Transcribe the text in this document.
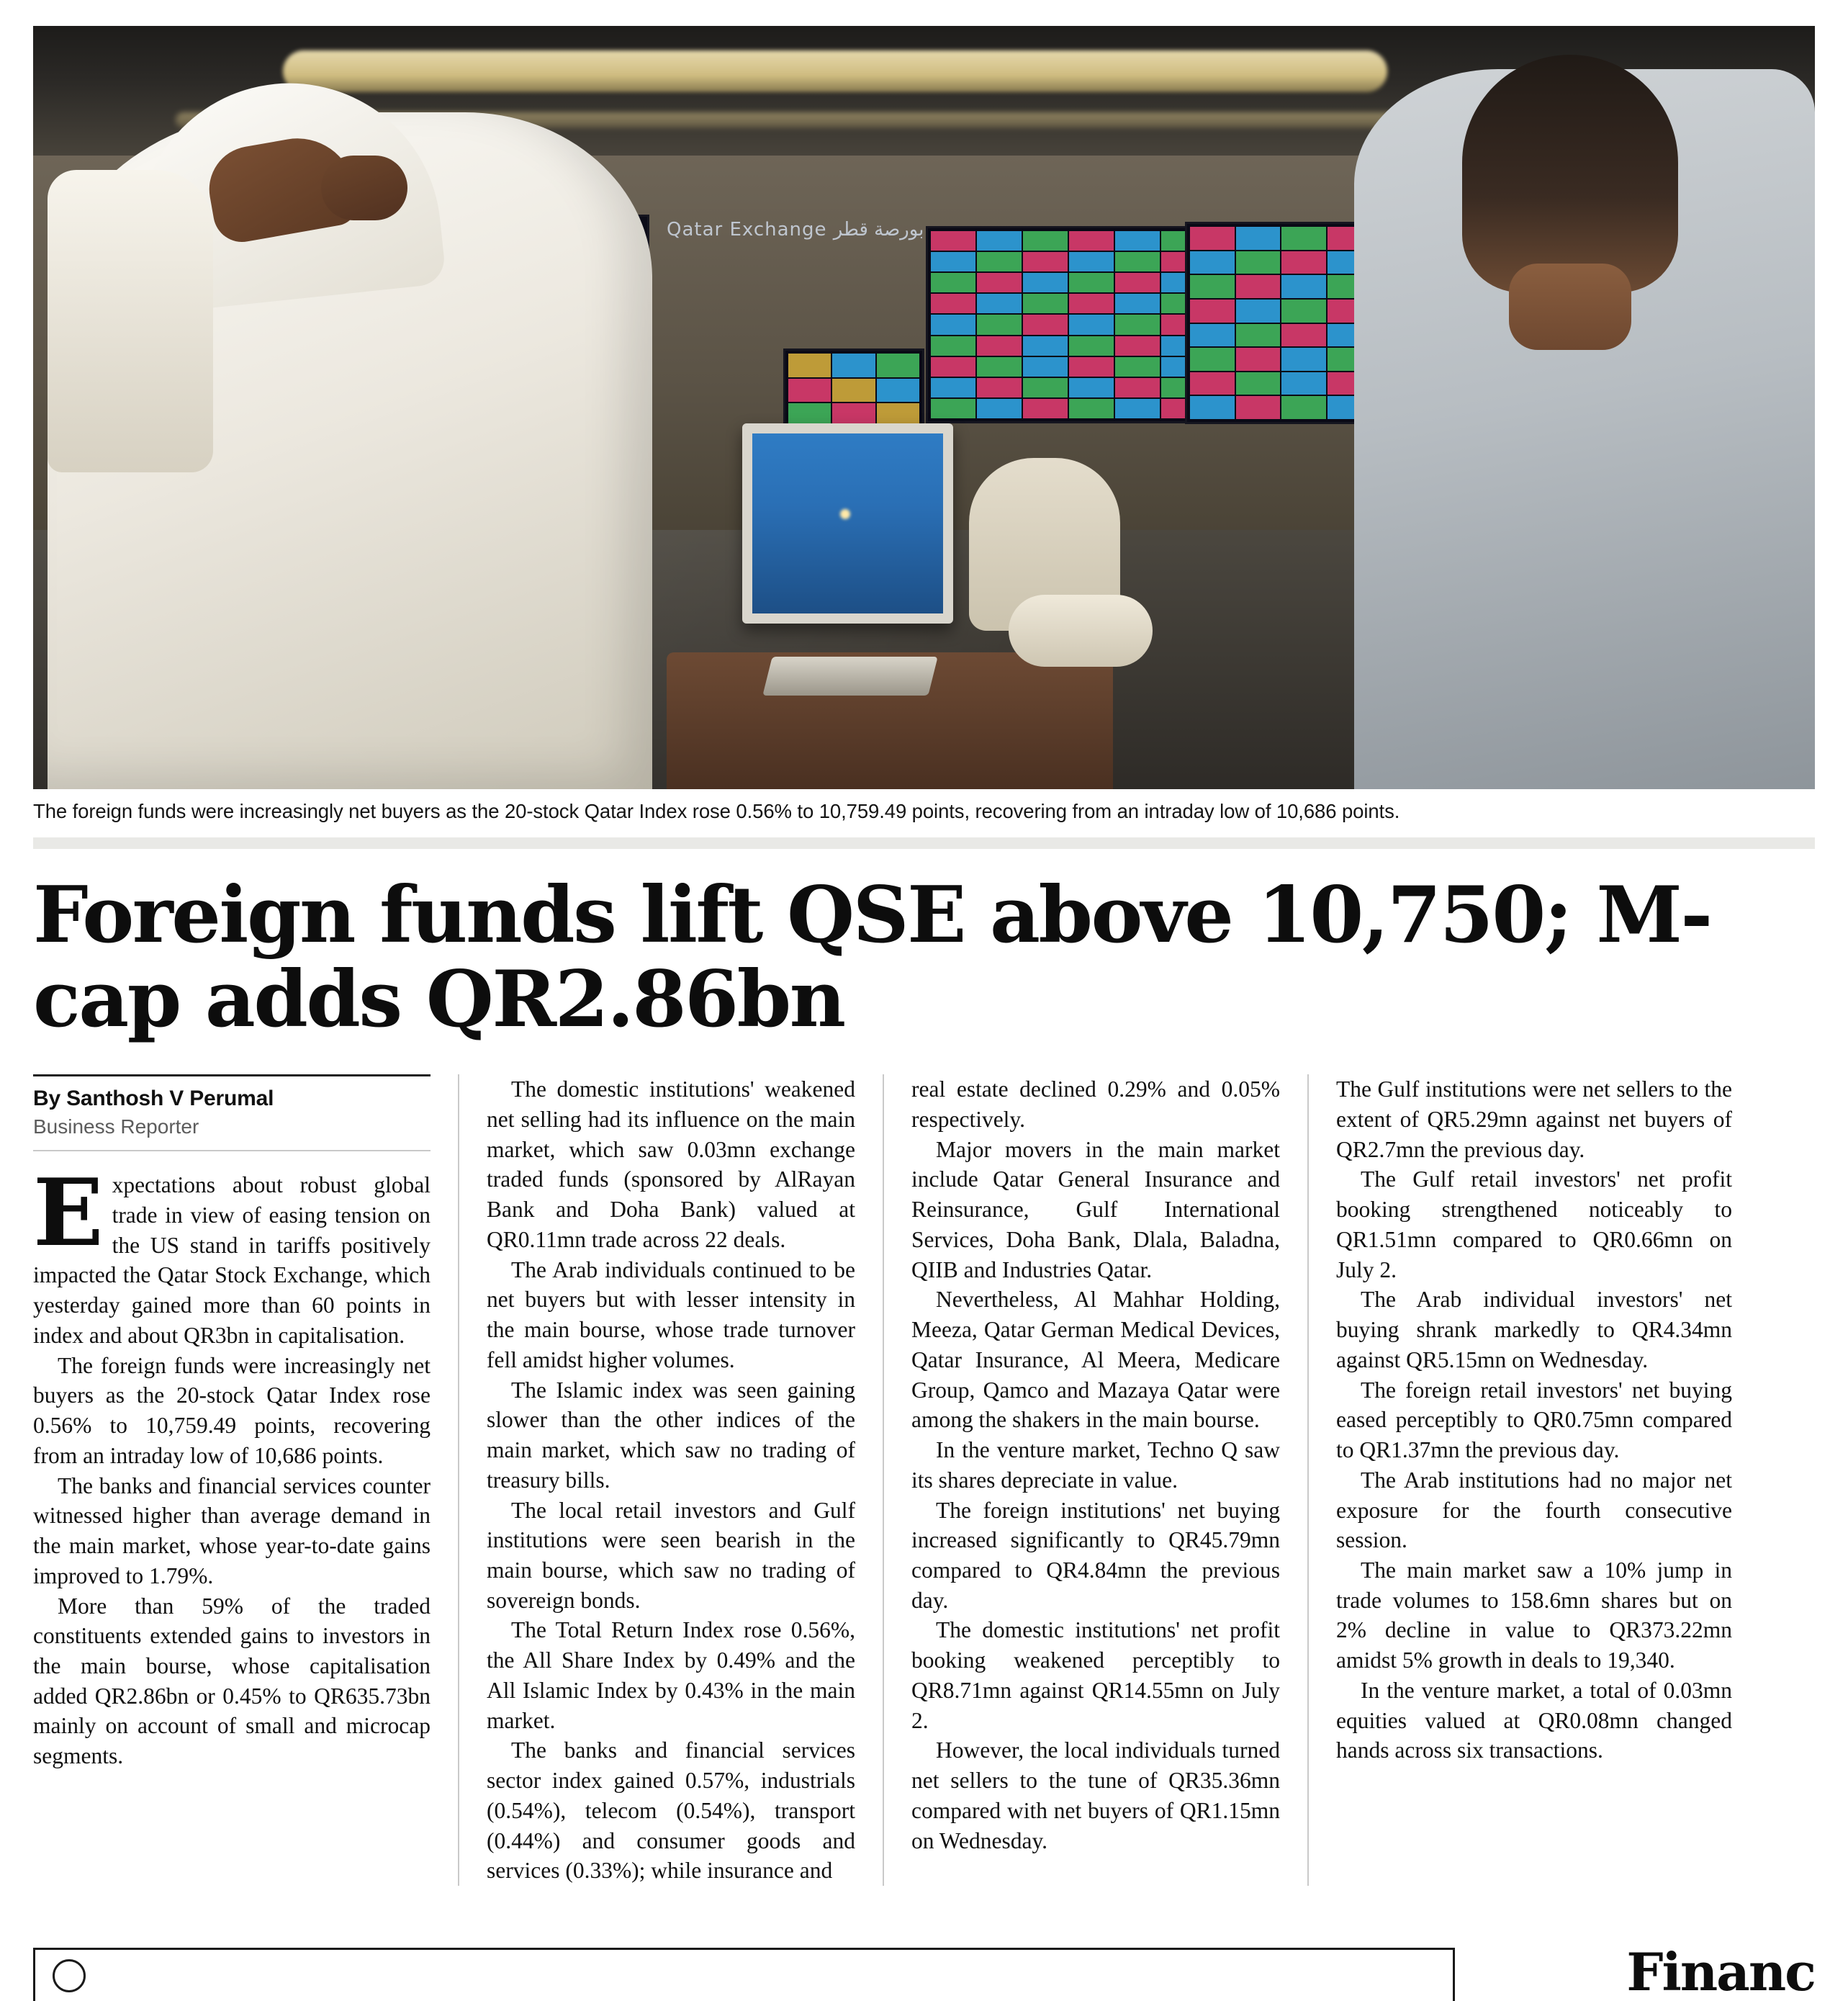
Qatar Exchange بورصة قطر
The foreign funds were increasingly net buyers as the 20-stock Qatar Index rose 0.56% to 10,759.49 points, recovering from an intraday low of 10,686 points.
Foreign funds lift QSE above 10,750; M-cap adds QR2.86bn
By Santhosh V Perumal
Business Reporter

Expectations about robust global trade in view of easing tension on the US stand in tariffs positively impacted the Qatar Stock Exchange, which yesterday gained more than 60 points in index and about QR3bn in capitalisation.

The foreign funds were increasingly net buyers as the 20-stock Qatar Index rose 0.56% to 10,759.49 points, recovering from an intraday low of 10,686 points.

The banks and financial services counter witnessed higher than average demand in the main market, whose year-to-date gains improved to 1.79%.

More than 59% of the traded constituents extended gains to investors in the main bourse, whose capitalisation added QR2.86bn or 0.45% to QR635.73bn mainly on account of small and microcap segments.

The domestic institutions' weakened net selling had its influence on the main market, which saw 0.03mn exchange traded funds (sponsored by AlRayan Bank and Doha Bank) valued at QR0.11mn trade across 22 deals.

The Arab individuals continued to be net buyers but with lesser intensity in the main bourse, whose trade turnover fell amidst higher volumes.

The Islamic index was seen gaining slower than the other indices of the main market, which saw no trading of treasury bills.

The local retail investors and Gulf institutions were seen bearish in the main bourse, which saw no trading of sovereign bonds.

The Total Return Index rose 0.56%, the All Share Index by 0.49% and the All Islamic Index by 0.43% in the main market.

The banks and financial services sector index gained 0.57%, industrials (0.54%), telecom (0.54%), transport (0.44%) and consumer goods and services (0.33%); while insurance and

real estate declined 0.29% and 0.05% respectively.

Major movers in the main market include Qatar General Insurance and Reinsurance, Gulf International Services, Doha Bank, Dlala, Baladna, QIIB and Industries Qatar.

Nevertheless, Al Mahhar Holding, Meeza, Qatar German Medical Devices, Qatar Insurance, Al Meera, Medicare Group, Qamco and Mazaya Qatar were among the shakers in the main bourse.

In the venture market, Techno Q saw its shares depreciate in value.

The foreign institutions' net buying increased significantly to QR45.79mn compared to QR4.84mn the previous day.

The domestic institutions' net profit booking weakened perceptibly to QR8.71mn against QR14.55mn on July 2.

However, the local individuals turned net sellers to the tune of QR35.36mn compared with net buyers of QR1.15mn on Wednesday.

The Gulf institutions were net sellers to the extent of QR5.29mn against net buyers of QR2.7mn the previous day.

The Gulf retail investors' net profit booking strengthened noticeably to QR1.51mn compared to QR0.66mn on July 2.

The Arab individual investors' net buying shrank markedly to QR4.34mn against QR5.15mn on Wednesday.

The foreign retail investors' net buying eased perceptibly to QR0.75mn compared to QR1.37mn the previous day.

The Arab institutions had no major net exposure for the fourth consecutive session.

The main market saw a 10% jump in trade volumes to 158.6mn shares but on 2% decline in value to QR373.22mn amidst 5% growth in deals to 19,340.

In the venture market, a total of 0.03mn equities valued at QR0.08mn changed hands across six transactions.

Financ
